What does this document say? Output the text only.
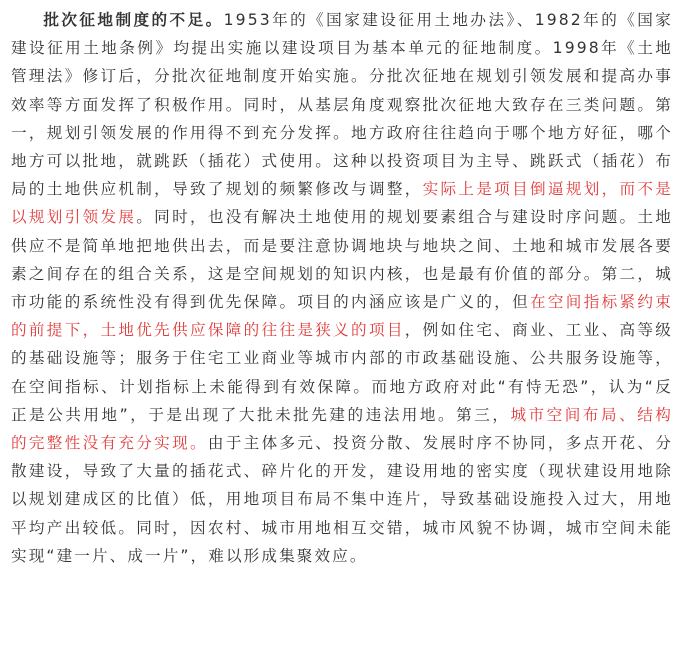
批次征地制度的不足。1953年的《国家建设征用土地办法》、1982年的《国家建设征用土地条例》均提出实施以建设项目为基本单元的征地制度。1998年《土地管理法》修订后，分批次征地制度开始实施。分批次征地在规划引领发展和提高办事效率等方面发挥了积极作用。同时，从基层角度观察批次征地大致存在三类问题。第一，规划引领发展的作用得不到充分发挥。地方政府往往趋向于哪个地方好征，哪个地方可以批地，就跳跃（插花）式使用。这种以投资项目为主导、跳跃式（插花）布局的土地供应机制，导致了规划的频繁修改与调整，实际上是项目倒逼规划，而不是以规划引领发展。同时，也没有解决土地使用的规划要素组合与建设时序问题。土地供应不是简单地把地供出去，而是要注意协调地块与地块之间、土地和城市发展各要素之间存在的组合关系，这是空间规划的知识内核，也是最有价值的部分。第二，城市功能的系统性没有得到优先保障。项目的内涵应该是广义的，但在空间指标紧约束的前提下，土地优先供应保障的往往是狭义的项目，例如住宅、商业、工业、高等级的基础设施等；服务于住宅工业商业等城市内部的市政基础设施、公共服务设施等，在空间指标、计划指标上未能得到有效保障。而地方政府对此“有恃无恐”，认为“反正是公共用地”，于是出现了大批未批先建的违法用地。第三，城市空间布局、结构的完整性没有充分实现。由于主体多元、投资分散、发展时序不协同，多点开花、分散建设，导致了大量的插花式、碎片化的开发，建设用地的密实度（现状建设用地除以规划建成区的比值）低，用地项目布局不集中连片，导致基础设施投入过大，用地平均产出较低。同时，因农村、城市用地相互交错，城市风貌不协调，城市空间未能实现“建一片、成一片”，难以形成集聚效应。
